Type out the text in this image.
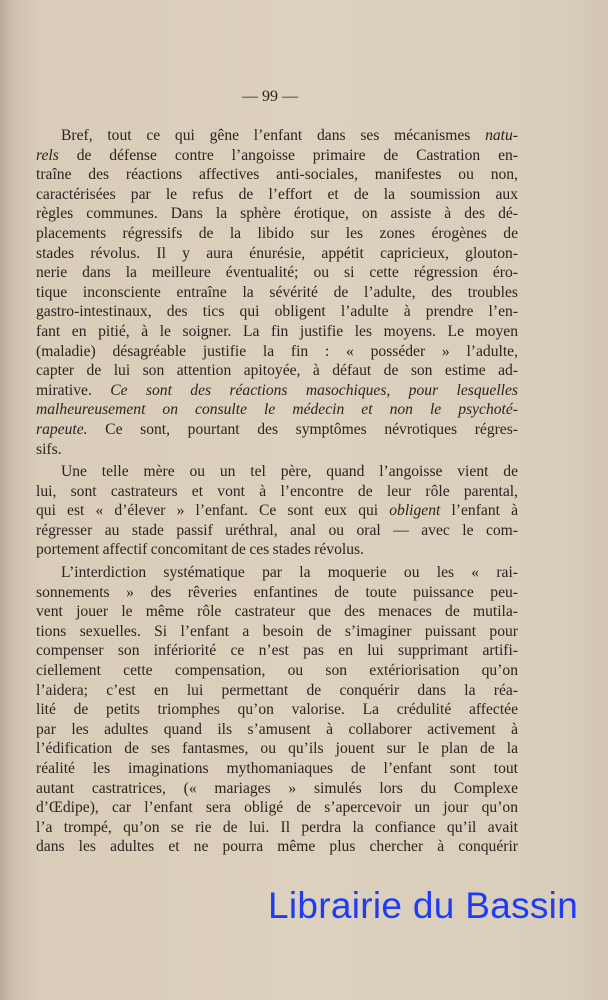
— 99 —
Bref, tout ce qui gêne l’enfant dans ses mécanismes natu-
rels de défense contre l’angoisse primaire de Castration en-
traîne des réactions affectives anti-sociales, manifestes ou non,
caractérisées par le refus de l’effort et de la soumission aux
règles communes. Dans la sphère érotique, on assiste à des dé-
placements régressifs de la libido sur les zones érogènes de
stades révolus. Il y aura énurésie, appétit capricieux, glouton-
nerie dans la meilleure éventualité; ou si cette régression éro-
tique inconsciente entraîne la sévérité de l’adulte, des troubles
gastro-intestinaux, des tics qui obligent l’adulte à prendre l’en-
fant en pitié, à le soigner. La fin justifie les moyens. Le moyen
(maladie) désagréable justifie la fin : « posséder » l’adulte,
capter de lui son attention apitoyée, à défaut de son estime ad-
mirative. Ce sont des réactions masochiques, pour lesquelles
malheureusement on consulte le médecin et non le psychoté-
rapeute. Ce sont, pourtant des symptômes névrotiques régres-
sifs.
Une telle mère ou un tel père, quand l’angoisse vient de
lui, sont castrateurs et vont à l’encontre de leur rôle parental,
qui est « d’élever » l’enfant. Ce sont eux qui obligent l’enfant à
régresser au stade passif uréthral, anal ou oral — avec le com-
portement affectif concomitant de ces stades révolus.
L’interdiction systématique par la moquerie ou les « rai-
sonnements » des rêveries enfantines de toute puissance peu-
vent jouer le même rôle castrateur que des menaces de mutila-
tions sexuelles. Si l’enfant a besoin de s’imaginer puissant pour
compenser son infériorité ce n’est pas en lui supprimant artifi-
ciellement cette compensation, ou son extériorisation qu’on
l’aidera; c’est en lui permettant de conquérir dans la réa-
lité de petits triomphes qu’on valorise. La crédulité affectée
par les adultes quand ils s’amusent à collaborer activement à
l’édification de ses fantasmes, ou qu’ils jouent sur le plan de la
réalité les imaginations mythomaniaques de l’enfant sont tout
autant castratrices, (« mariages » simulés lors du Complexe
d’Œdipe), car l’enfant sera obligé de s’apercevoir un jour qu’on
l’a trompé, qu’on se rie de lui. Il perdra la confiance qu’il avait
dans les adultes et ne pourra même plus chercher à conquérir
Librairie du Bassin
